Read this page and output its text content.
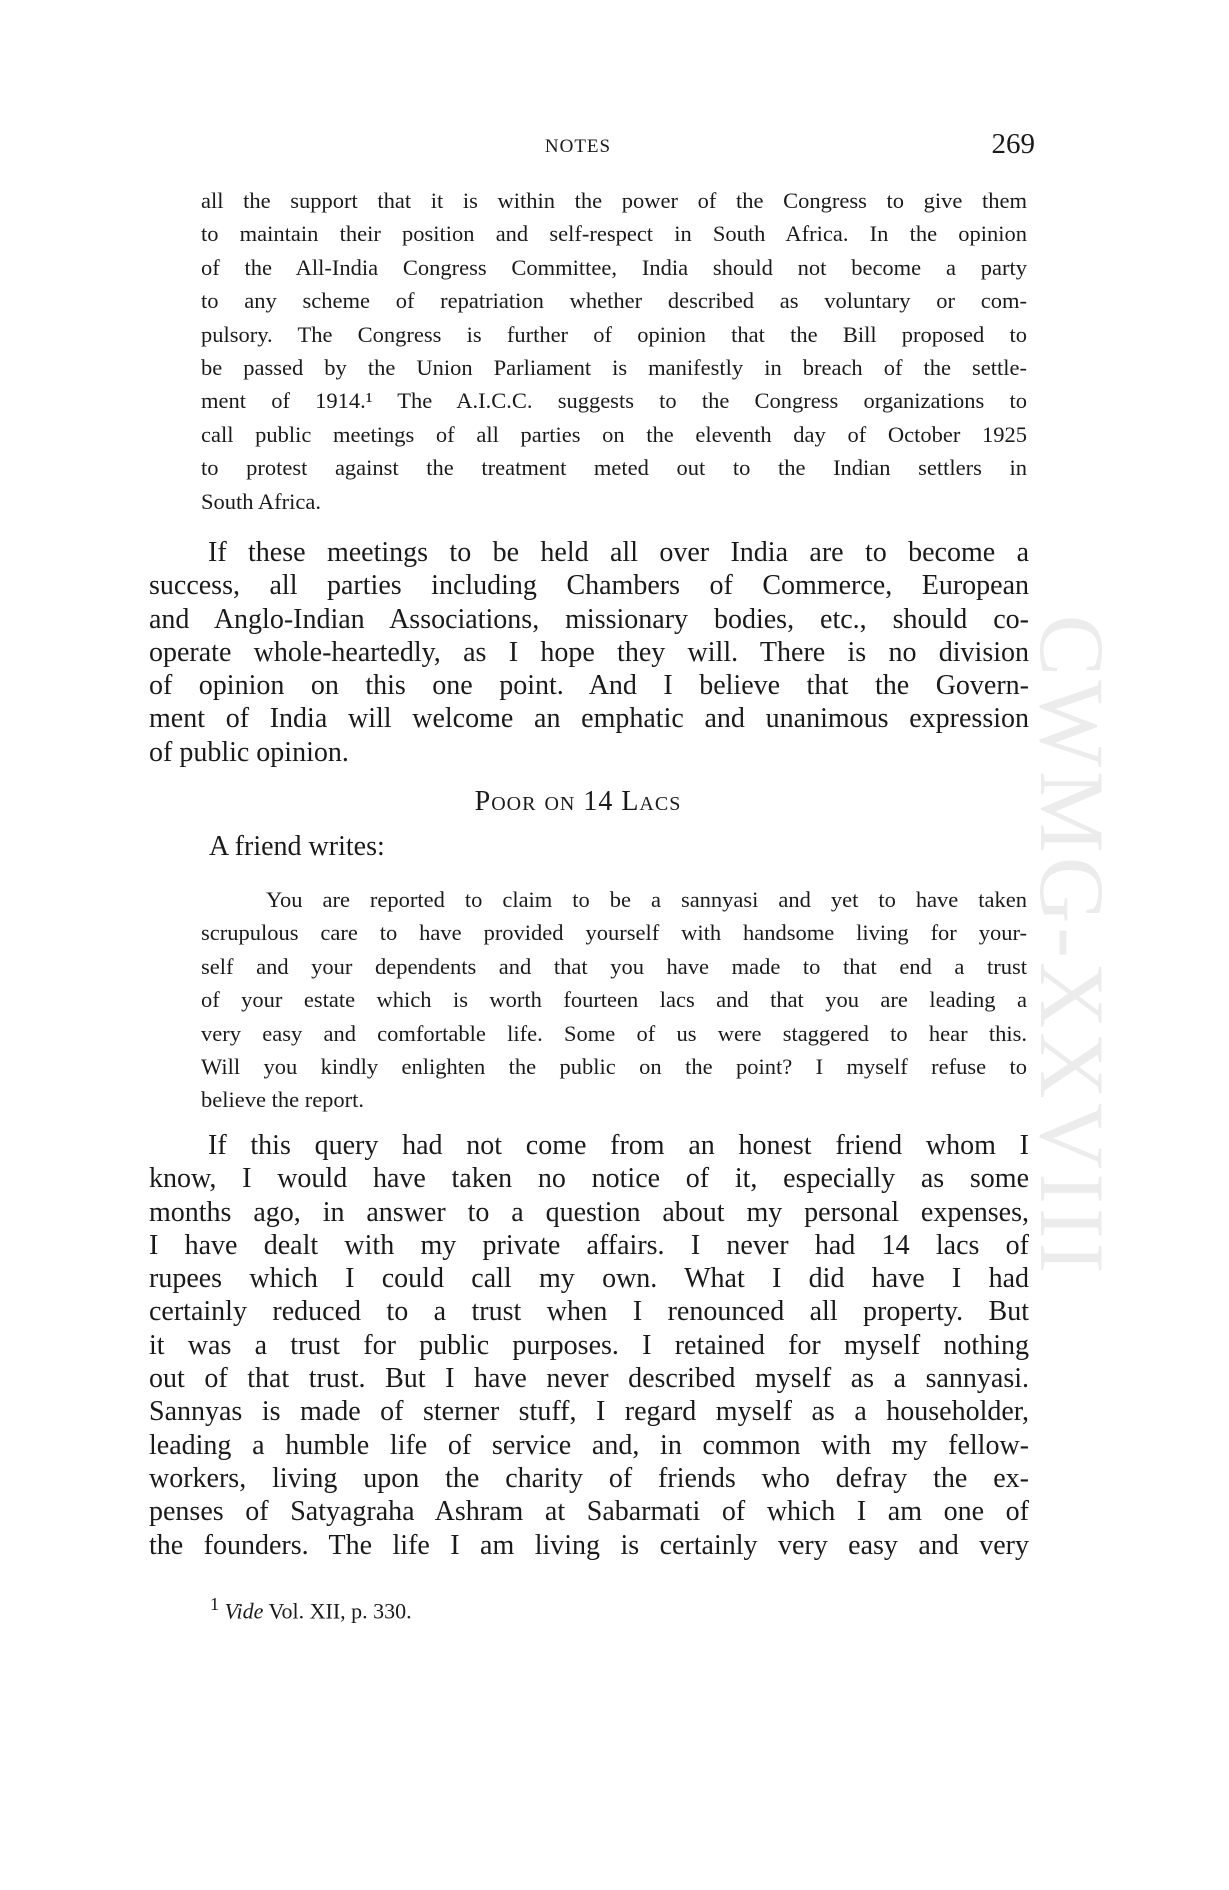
CWMG-XXVIII
NOTES	269
all the support that it is within the power of the Congress to give them
to maintain their position and self-respect in South Africa. In the opinion
of the All-India Congress Committee, India should not become a party
to any scheme of repatriation whether described as voluntary or com-
pulsory. The Congress is further of opinion that the Bill proposed to
be passed by the Union Parliament is manifestly in breach of the settle-
ment of 1914.¹ The A.I.C.C. suggests to the Congress organizations to
call public meetings of all parties on the eleventh day of October 1925
to protest against the treatment meted out to the Indian settlers in
South Africa.
If these meetings to be held all over India are to become a
success, all parties including Chambers of Commerce, European
and Anglo-Indian Associations, missionary bodies, etc., should co-
operate whole-heartedly, as I hope they will. There is no division
of opinion on this one point. And I believe that the Govern-
ment of India will welcome an emphatic and unanimous expression
of public opinion.
Poor on 14 Lacs
A friend writes:
You are reported to claim to be a sannyasi and yet to have taken
scrupulous care to have provided yourself with handsome living for your-
self and your dependents and that you have made to that end a trust
of your estate which is worth fourteen lacs and that you are leading a
very easy and comfortable life. Some of us were staggered to hear this.
Will you kindly enlighten the public on the point? I myself refuse to
believe the report.
If this query had not come from an honest friend whom I
know, I would have taken no notice of it, especially as some
months ago, in answer to a question about my personal expenses,
I have dealt with my private affairs. I never had 14 lacs of
rupees which I could call my own. What I did have I had
certainly reduced to a trust when I renounced all property. But
it was a trust for public purposes. I retained for myself nothing
out of that trust. But I have never described myself as a sannyasi.
Sannyas is made of sterner stuff, I regard myself as a householder,
leading a humble life of service and, in common with my fellow-
workers, living upon the charity of friends who defray the ex-
penses of Satyagraha Ashram at Sabarmati of which I am one of
the founders. The life I am living is certainly very easy and very
$^1$ Vide Vol. XII, p. 330.
